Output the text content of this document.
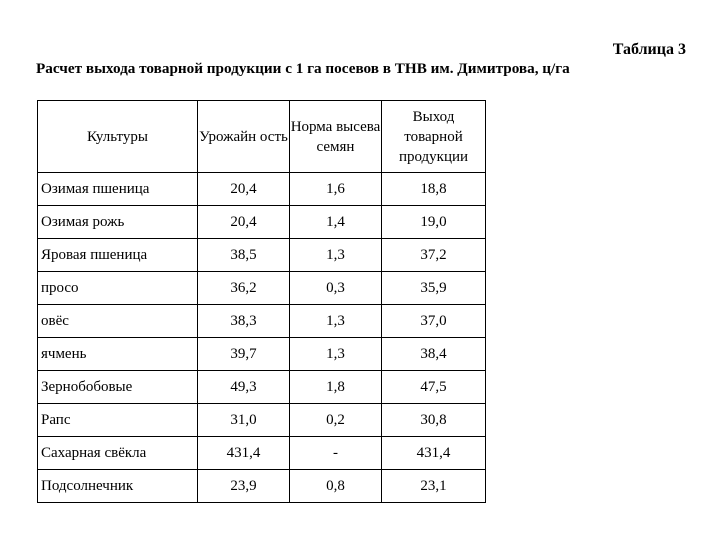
Таблица 3
Расчет выхода товарной продукции с 1 га посевов в ТНВ им. Димитрова, ц/га
Культуры	Урожайн ость	Норма высева семян	Выход товарной продукции
Озимая пшеница	20,4	1,6	18,8
Озимая рожь	20,4	1,4	19,0
Яровая пшеница	38,5	1,3	37,2
просо	36,2	0,3	35,9
овёс	38,3	1,3	37,0
ячмень	39,7	1,3	38,4
Зернобобовые	49,3	1,8	47,5
Рапс	31,0	0,2	30,8
Сахарная свёкла	431,4	-	431,4
Подсолнечник	23,9	0,8	23,1
